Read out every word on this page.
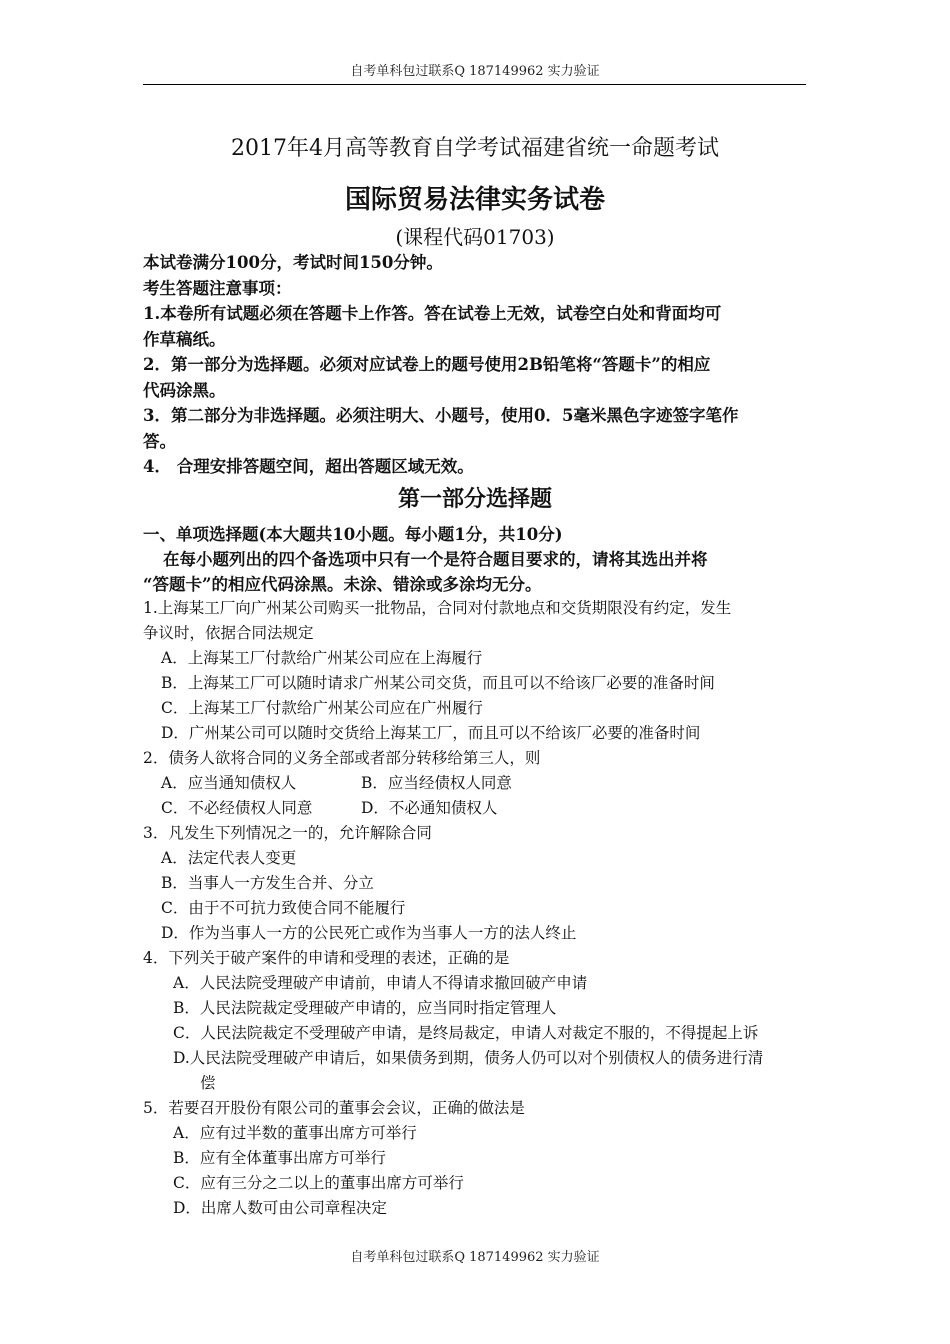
自考单科包过联系Q 187149962 实力验证
2017年4月高等教育自学考试福建省统一命题考试
国际贸易法律实务试卷
(课程代码01703)
本试卷满分100分，考试时间150分钟。
考生答题注意事项：
1.本卷所有试题必须在答题卡上作答。答在试卷上无效，试卷空白处和背面均可
作草稿纸。
2．第一部分为选择题。必须对应试卷上的题号使用2B铅笔将“答题卡”的相应
代码涂黑。
3．第二部分为非选择题。必须注明大、小题号，使用0．5毫米黑色字迹签字笔作
答。
4． 合理安排答题空间，超出答题区域无效。
第一部分选择题
一、单项选择题(本大题共10小题。每小题1分，共10分)
在每小题列出的四个备选项中只有一个是符合题目要求的，请将其选出并将
“答题卡”的相应代码涂黑。未涂、错涂或多涂均无分。
1.上海某工厂向广州某公司购买一批物品，合同对付款地点和交货期限没有约定，发生
争议时，依据合同法规定
A．上海某工厂付款给广州某公司应在上海履行
B．上海某工厂可以随时请求广州某公司交货，而且可以不给该厂必要的准备时间
C．上海某工厂付款给广州某公司应在广州履行
D．广州某公司可以随时交货给上海某工厂，而且可以不给该厂必要的准备时间
2．债务人欲将合同的义务全部或者部分转移给第三人，则
A．应当通知债权人	B．应当经债权人同意
C．不必经债权人同意	D．不必通知债权人
3．凡发生下列情况之一的，允许解除合同
A．法定代表人变更
B．当事人一方发生合并、分立
C．由于不可抗力致使合同不能履行
D．作为当事人一方的公民死亡或作为当事人一方的法人终止
4．下列关于破产案件的申请和受理的表述，正确的是
A．人民法院受理破产申请前，申请人不得请求撤回破产申请
B．人民法院裁定受理破产申请的，应当同时指定管理人
C．人民法院裁定不受理破产申请，是终局裁定，申请人对裁定不服的，不得提起上诉
D.人民法院受理破产申请后，如果债务到期，债务人仍可以对个别债权人的债务进行清
偿
5．若要召开股份有限公司的董事会会议，正确的做法是
A．应有过半数的董事出席方可举行
B．应有全体董事出席方可举行
C．应有三分之二以上的董事出席方可举行
D．出席人数可由公司章程决定
自考单科包过联系Q 187149962 实力验证
